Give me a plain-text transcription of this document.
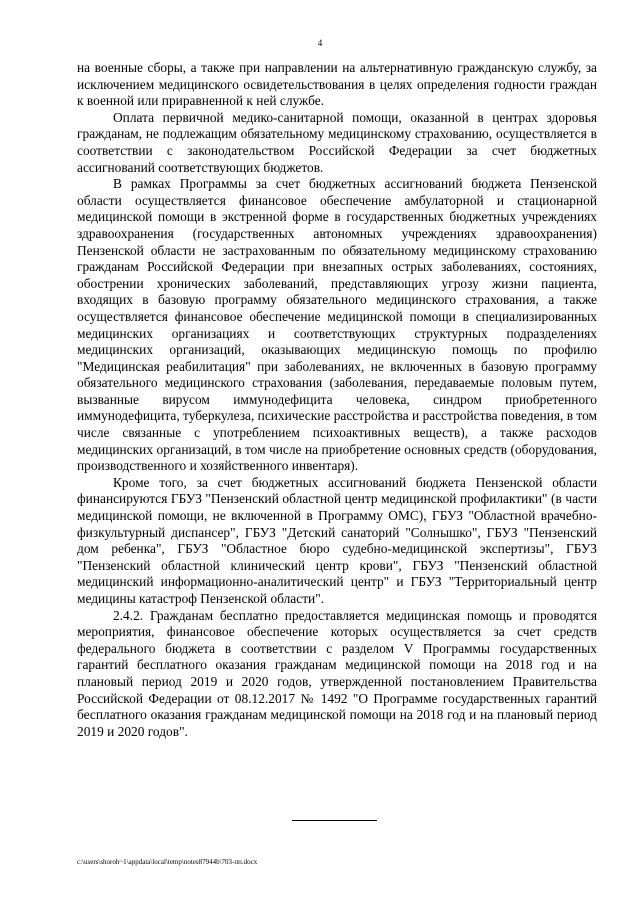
4

на военные сборы, а также при направлении на альтернативную гражданскую службу, за исключением медицинского освидетельствования в целях определения годности граждан к военной или приравненной к ней службе.

Оплата первичной медико-санитарной помощи, оказанной в центрах здоровья гражданам, не подлежащим обязательному медицинскому страхованию, осуществляется в соответствии с законодательством Российской Федерации за счет бюджетных ассигнований соответствующих бюджетов.

В рамках Программы за счет бюджетных ассигнований бюджета Пензенской области осуществляется финансовое обеспечение амбулаторной и стационарной медицинской помощи в экстренной форме в государственных бюджетных учреждениях здравоохранения (государственных автономных учреждениях здравоохранения) Пензенской области не застрахованным по обязательному медицинскому страхованию гражданам Российской Федерации при внезапных острых заболеваниях, состояниях, обострении хронических заболеваний, представляющих угрозу жизни пациента, входящих в базовую программу обязательного медицинского страхования, а также осуществляется финансовое обеспечение медицинской помощи в специализированных медицинских организациях и соответствующих структурных подразделениях медицинских организаций, оказывающих медицинскую помощь по профилю "Медицинская реабилитация" при заболеваниях, не включенных в базовую программу обязательного медицинского страхования (заболевания, передаваемые половым путем, вызванные вирусом иммунодефицита человека, синдром приобретенного иммунодефицита, туберкулеза, психические расстройства и расстройства поведения, в том числе связанные с употреблением психоактивных веществ), а также расходов медицинских организаций, в том числе на приобретение основных средств (оборудования, производственного и хозяйственного инвентаря).

Кроме того, за счет бюджетных ассигнований бюджета Пензенской области финансируются ГБУЗ "Пензенский областной центр медицинской профилактики" (в части медицинской помощи, не включенной в Программу ОМС), ГБУЗ "Областной врачебно-физкультурный диспансер", ГБУЗ "Детский санаторий "Солнышко", ГБУЗ "Пензенский дом ребенка", ГБУЗ "Областное бюро судебно-медицинской экспертизы", ГБУЗ "Пензенский областной клинический центр крови", ГБУЗ "Пензенский областной медицинский информационно-аналитический центр" и ГБУЗ "Территориальный центр медицины катастроф Пензенской области".

2.4.2. Гражданам бесплатно предоставляется медицинская помощь и проводятся мероприятия, финансовое обеспечение которых осуществляется за счет средств федерального бюджета в соответствии с разделом V Программы государственных гарантий бесплатного оказания гражданам медицинской помощи на 2018 год и на плановый период 2019 и 2020 годов, утвержденной постановлением Правительства Российской Федерации от 08.12.2017 № 1492 "О Программе государственных гарантий бесплатного оказания гражданам медицинской помощи на 2018 год и на плановый период 2019 и 2020 годов".

c:\users\shoroh~1\appdata\local\temp\notes87944b\703-пп.docx
